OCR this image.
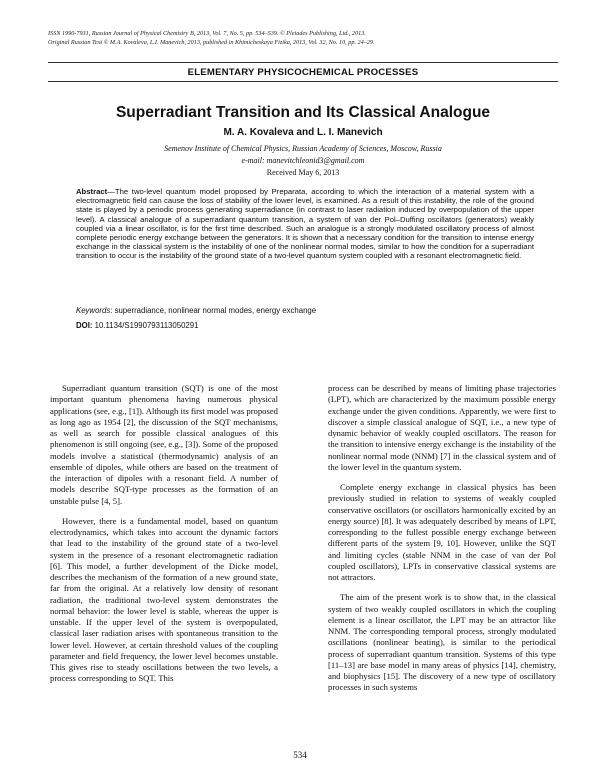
ISSN 1990-7931, Russian Journal of Physical Chemistry B, 2013, Vol. 7, No. 5, pp. 534–539. © Pleiades Publishing, Ltd., 2013.
Original Russian Text © M.A. Kovaleva, L.I. Manevich, 2013, published in Khimicheskaya Fizika, 2013, Vol. 32, No. 10, pp. 24–29.
ELEMENTARY PHYSICOCHEMICAL PROCESSES
Superradiant Transition and Its Classical Analogue
M. A. Kovaleva and L. I. Manevich
Semenov Institute of Chemical Physics, Russian Academy of Sciences, Moscow, Russia
e-mail: manevitchleonid3@gmail.com
Received May 6, 2013
Abstract—The two-level quantum model proposed by Preparata, according to which the interaction of a material system with a electromagnetic field can cause the loss of stability of the lower level, is examined. As a result of this instability, the role of the ground state is played by a periodic process generating superradiance (in contrast to laser radiation induced by overpopulation of the upper level). A classical analogue of a superradiant quantum transition, a system of van der Pol–Duffing oscillators (generators) weakly coupled via a linear oscillator, is for the first time described. Such an analogue is a strongly modulated oscillatory process of almost complete periodic energy exchange between the generators. It is shown that a necessary condition for the transition to intense energy exchange in the classical system is the instability of one of the nonlinear normal modes, similar to how the condition for a superradiant transition to occur is the instability of the ground state of a two-level quantum system coupled with a resonant electromagnetic field.
Keywords: superradiance, nonlinear normal modes, energy exchange
DOI: 10.1134/S1990793113050291

Superradiant quantum transition (SQT) is one of the most important quantum phenomena having numerous physical applications (see, e.g., [1]). Although its first model was proposed as long ago as 1954 [2], the discussion of the SQT mechanisms, as well as search for possible classical analogues of this phenomenon is still ongoing (see, e.g., [3]). Some of the proposed models involve a statistical (thermodynamic) analysis of an ensemble of dipoles, while others are based on the treatment of the interaction of dipoles with a resonant field. A number of models describe SQT-type processes as the formation of an unstable pulse [4, 5].

However, there is a fundamental model, based on quantum electrodynamics, which takes into account the dynamic factors that lead to the instability of the ground state of a two-level system in the presence of a resonant electromagnetic radiation [6]. This model, a further development of the Dicke model, describes the mechanism of the formation of a new ground state, far from the original. At a relatively low density of resonant radiation, the traditional two-level system demonstrates the normal behavior: the lower level is stable, whereas the upper is unstable. If the upper level of the system is overpopulated, classical laser radiation arises with spontaneous transition to the lower level. However, at certain threshold values of the coupling parameter and field frequency, the lower level becomes unstable. This gives rise to steady oscillations between the two levels, a process corresponding to SQT. This

process can be described by means of limiting phase trajectories (LPT), which are characterized by the maximum possible energy exchange under the given conditions. Apparently, we were first to discover a simple classical analogue of SQT, i.e., a new type of dynamic behavior of weakly coupled oscillators. The reason for the transition to intensive energy exchange is the instability of the nonlinear normal mode (NNM) [7] in the classical system and of the lower level in the quantum system.

Complete energy exchange in classical physics has been previously studied in relation to systems of weakly coupled conservative oscillators (or oscillators harmonically excited by an energy source) [8]. It was adequately described by means of LPT, corresponding to the fullest possible energy exchange between different parts of the system [9, 10]. However, unlike the SQT and limiting cycles (stable NNM in the case of van der Pol coupled oscillators), LPTs in conservative classical systems are not attractors.

The aim of the present work is to show that, in the classical system of two weakly coupled oscillators in which the coupling element is a linear oscillator, the LPT may be an attractor like NNM. The corresponding temporal process, strongly modulated oscillations (nonlinear beating), is similar to the periodical process of superradiant quantum transition. Systems of this type [11–13] are base model in many areas of physics [14], chemistry, and biophysics [15]. The discovery of a new type of oscillatory processes in such systems

534
